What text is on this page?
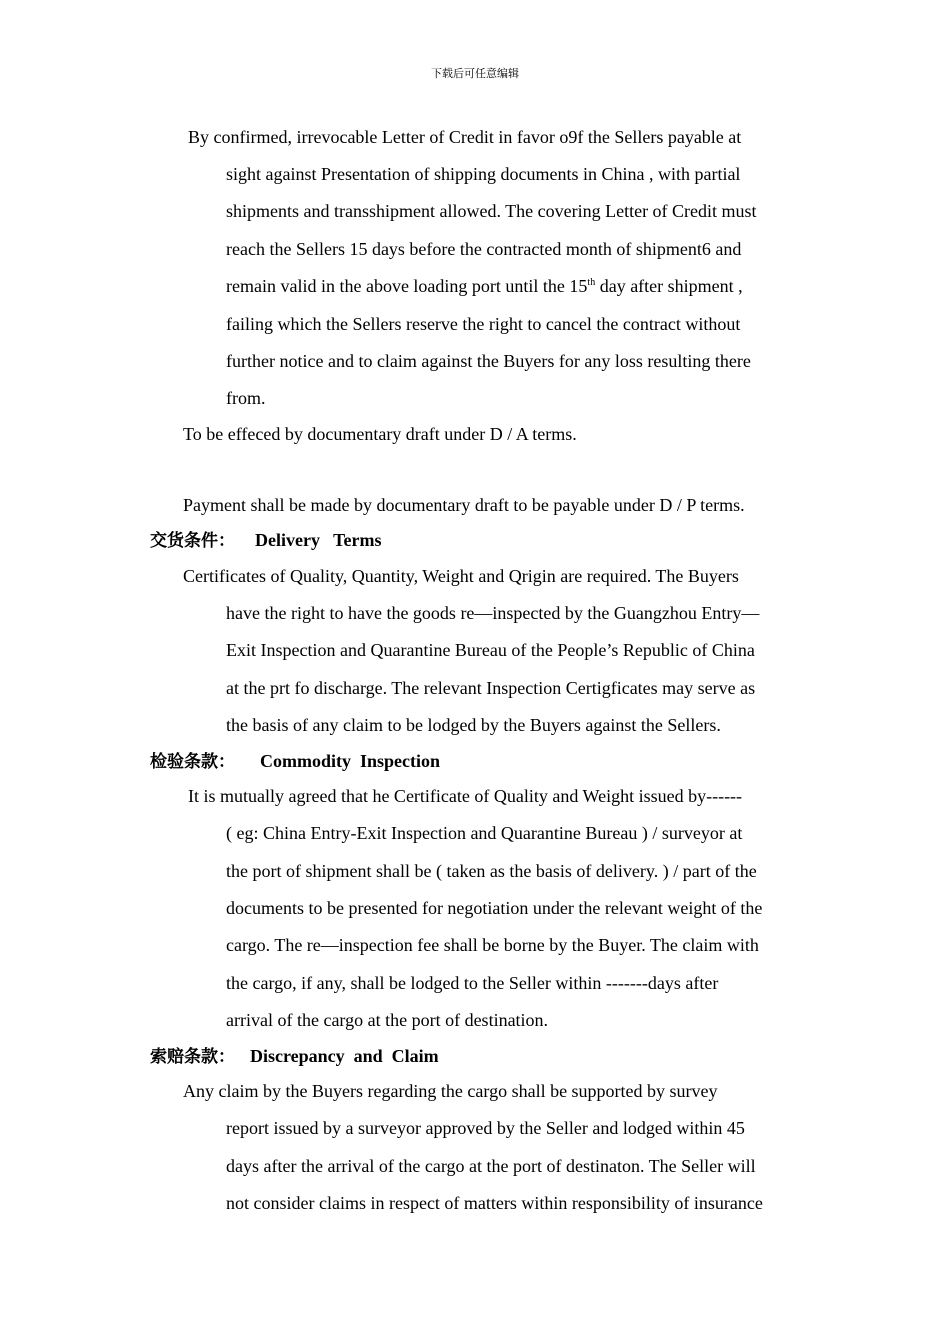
下载后可任意编辑
By confirmed, irrevocable Letter of Credit in favor o9f the Sellers payable at
sight against Presentation of shipping documents in China , with partial
shipments and transshipment allowed. The covering Letter of Credit must
reach the Sellers 15 days before the contracted month of shipment6 and
remain valid in the above loading port until the 15th day after shipment ,
failing which the Sellers reserve the right to cancel the contract without
further notice and to claim against the Buyers for any loss resulting there
from.
To be effeced by documentary draft under D / A terms.
Payment shall be made by documentary draft to be payable under D / P terms.
交货条件： Delivery   Terms
Certificates of Quality, Quantity, Weight and Qrigin are required. The Buyers
have the right to have the goods re—inspected by the Guangzhou Entry—
Exit Inspection and Quarantine Bureau of the People’s Republic of China
at the prt fo discharge. The relevant Inspection Certigficates may serve as
the basis of any claim to be lodged by the Buyers against the Sellers.
检验条款： Commodity  Inspection
It is mutually agreed that he Certificate of Quality and Weight issued by------
( eg: China Entry-Exit Inspection and Quarantine Bureau ) / surveyor at
the port of shipment shall be ( taken as the basis of delivery. ) / part of the
documents to be presented for negotiation under the relevant weight of the
cargo. The re—inspection fee shall be borne by the Buyer. The claim with
the cargo, if any, shall be lodged to the Seller within -------days after
arrival of the cargo at the port of destination.
索赔条款： Discrepancy  and  Claim
Any claim by the Buyers regarding the cargo shall be supported by survey
report issued by a surveyor approved by the Seller and lodged within 45
days after the arrival of the cargo at the port of destinaton. The Seller will
not consider claims in respect of matters within responsibility of insurance
